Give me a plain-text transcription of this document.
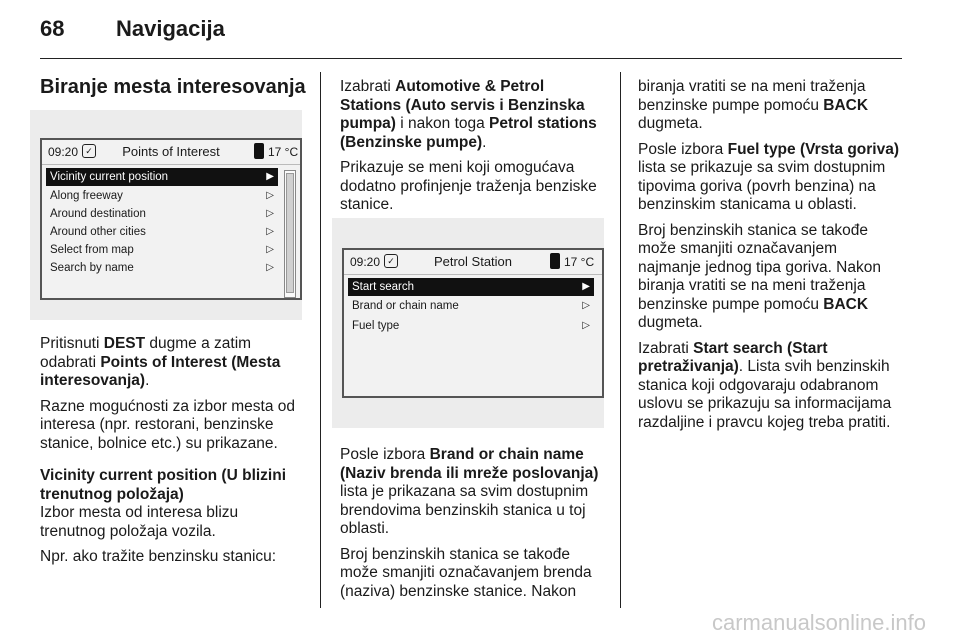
68 Navigacija
Biranje mesta interesovanja
09:20 ✓	Points of Interest	17 °C
Vicinity current position	▶
Along freeway	▷
Around destination	▷
Around other cities	▷
Select from map	▷
Search by name	▷

Pritisnuti DEST dugme a zatim odabrati Points of Interest (Mesta interesovanja).

Razne mogućnosti za izbor mesta od interesa (npr. restorani, benzinske stanice, bolnice etc.) su prikazane.

Vicinity current position (U blizini trenutnog položaja)
Izbor mesta od interesa blizu trenutnog položaja vozila.

Npr. ako tražite benzinsku stanicu:

Izabrati Automotive & Petrol Stations (Auto servis i Benzinska pumpa) i nakon toga Petrol stations (Benzinske pumpe).

Prikazuje se meni koji omogućava dodatno profinjenje traženja benziske stanice.

09:20 ✓	Petrol Station	17 °C
Start search	▶
Brand or chain name	▷
Fuel type	▷

Posle izbora Brand or chain name (Naziv brenda ili mreže poslovanja) lista je prikazana sa svim dostupnim brendovima benzinskih stanica u toj oblasti.

Broj benzinskih stanica se takođe može smanjiti označavanjem brenda (naziva) benzinske stanice. Nakon

biranja vratiti se na meni traženja benzinske pumpe pomoću BACK dugmeta.

Posle izbora Fuel type (Vrsta goriva) lista se prikazuje sa svim dostupnim tipovima goriva (povrh benzina) na benzinskim stanicama u oblasti.

Broj benzinskih stanica se takođe može smanjiti označavanjem najmanje jednog tipa goriva. Nakon biranja vratiti se na meni traženja benzinske pumpe pomoću BACK dugmeta.

Izabrati Start search (Start pretraživanja). Lista svih benzinskih stanica koji odgovaraju odabranom uslovu se prikazuju sa informacijama razdaljine i pravcu kojeg treba pratiti.

carmanualsonline.info
